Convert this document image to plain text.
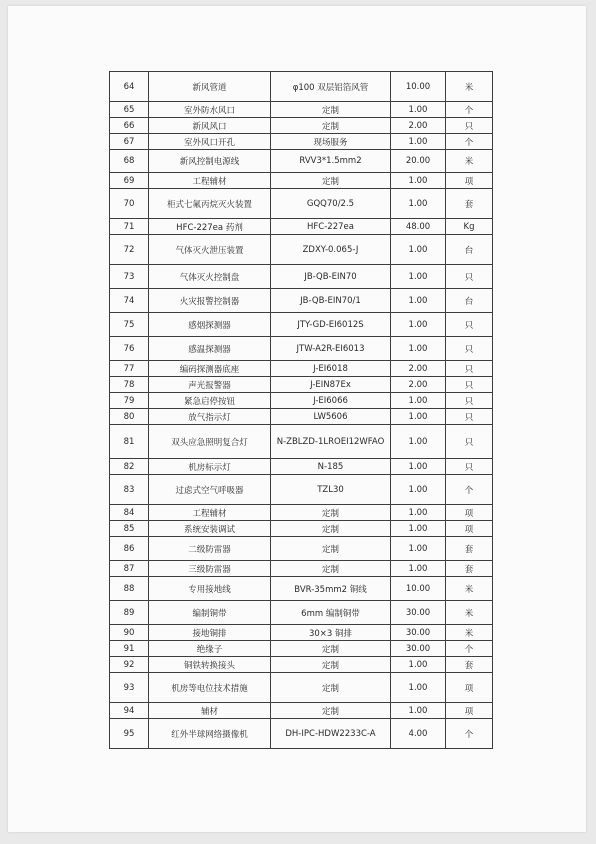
64	新风管道	φ100 双层铝箔风管	10.00	米
65	室外防水风口	定制	1.00	个
66	新风风口	定制	2.00	只
67	室外风口开孔	现场服务	1.00	个
68	新风控制电源线	RVV3*1.5mm2	20.00	米
69	工程辅材	定制	1.00	项
70	柜式七氟丙烷灭火装置	GQQ70/2.5	1.00	套
71	HFC-227ea 药剂	HFC-227ea	48.00	Kg
72	气体灭火泄压装置	ZDXY-0.065-J	1.00	台
73	气体灭火控制盘	JB-QB-EIN70	1.00	只
74	火灾报警控制器	JB-QB-EIN70/1	1.00	台
75	感烟探测器	JTY-GD-EI6012S	1.00	只
76	感温探测器	JTW-A2R-EI6013	1.00	只
77	编码探测器底座	J-EI6018	2.00	只
78	声光报警器	J-EIN87Ex	2.00	只
79	紧急启停按钮	J-EI6066	1.00	只
80	放气指示灯	LW5606	1.00	只
81	双头应急照明复合灯	N-ZBLZD-1LROEI12WFAO	1.00	只
82	机房标示灯	N-185	1.00	只
83	过虑式空气呼吸器	TZL30	1.00	个
84	工程辅材	定制	1.00	项
85	系统安装调试	定制	1.00	项
86	二级防雷器	定制	1.00	套
87	三级防雷器	定制	1.00	套
88	专用接地线	BVR-35mm2 铜线	10.00	米
89	编制铜带	6mm 编制铜带	30.00	米
90	接地铜排	30×3 铜排	30.00	米
91	绝缘子	定制	30.00	个
92	铜铁转换接头	定制	1.00	套
93	机房等电位技术措施	定制	1.00	项
94	辅材	定制	1.00	项
95	红外半球网络摄像机	DH-IPC-HDW2233C-A	4.00	个
